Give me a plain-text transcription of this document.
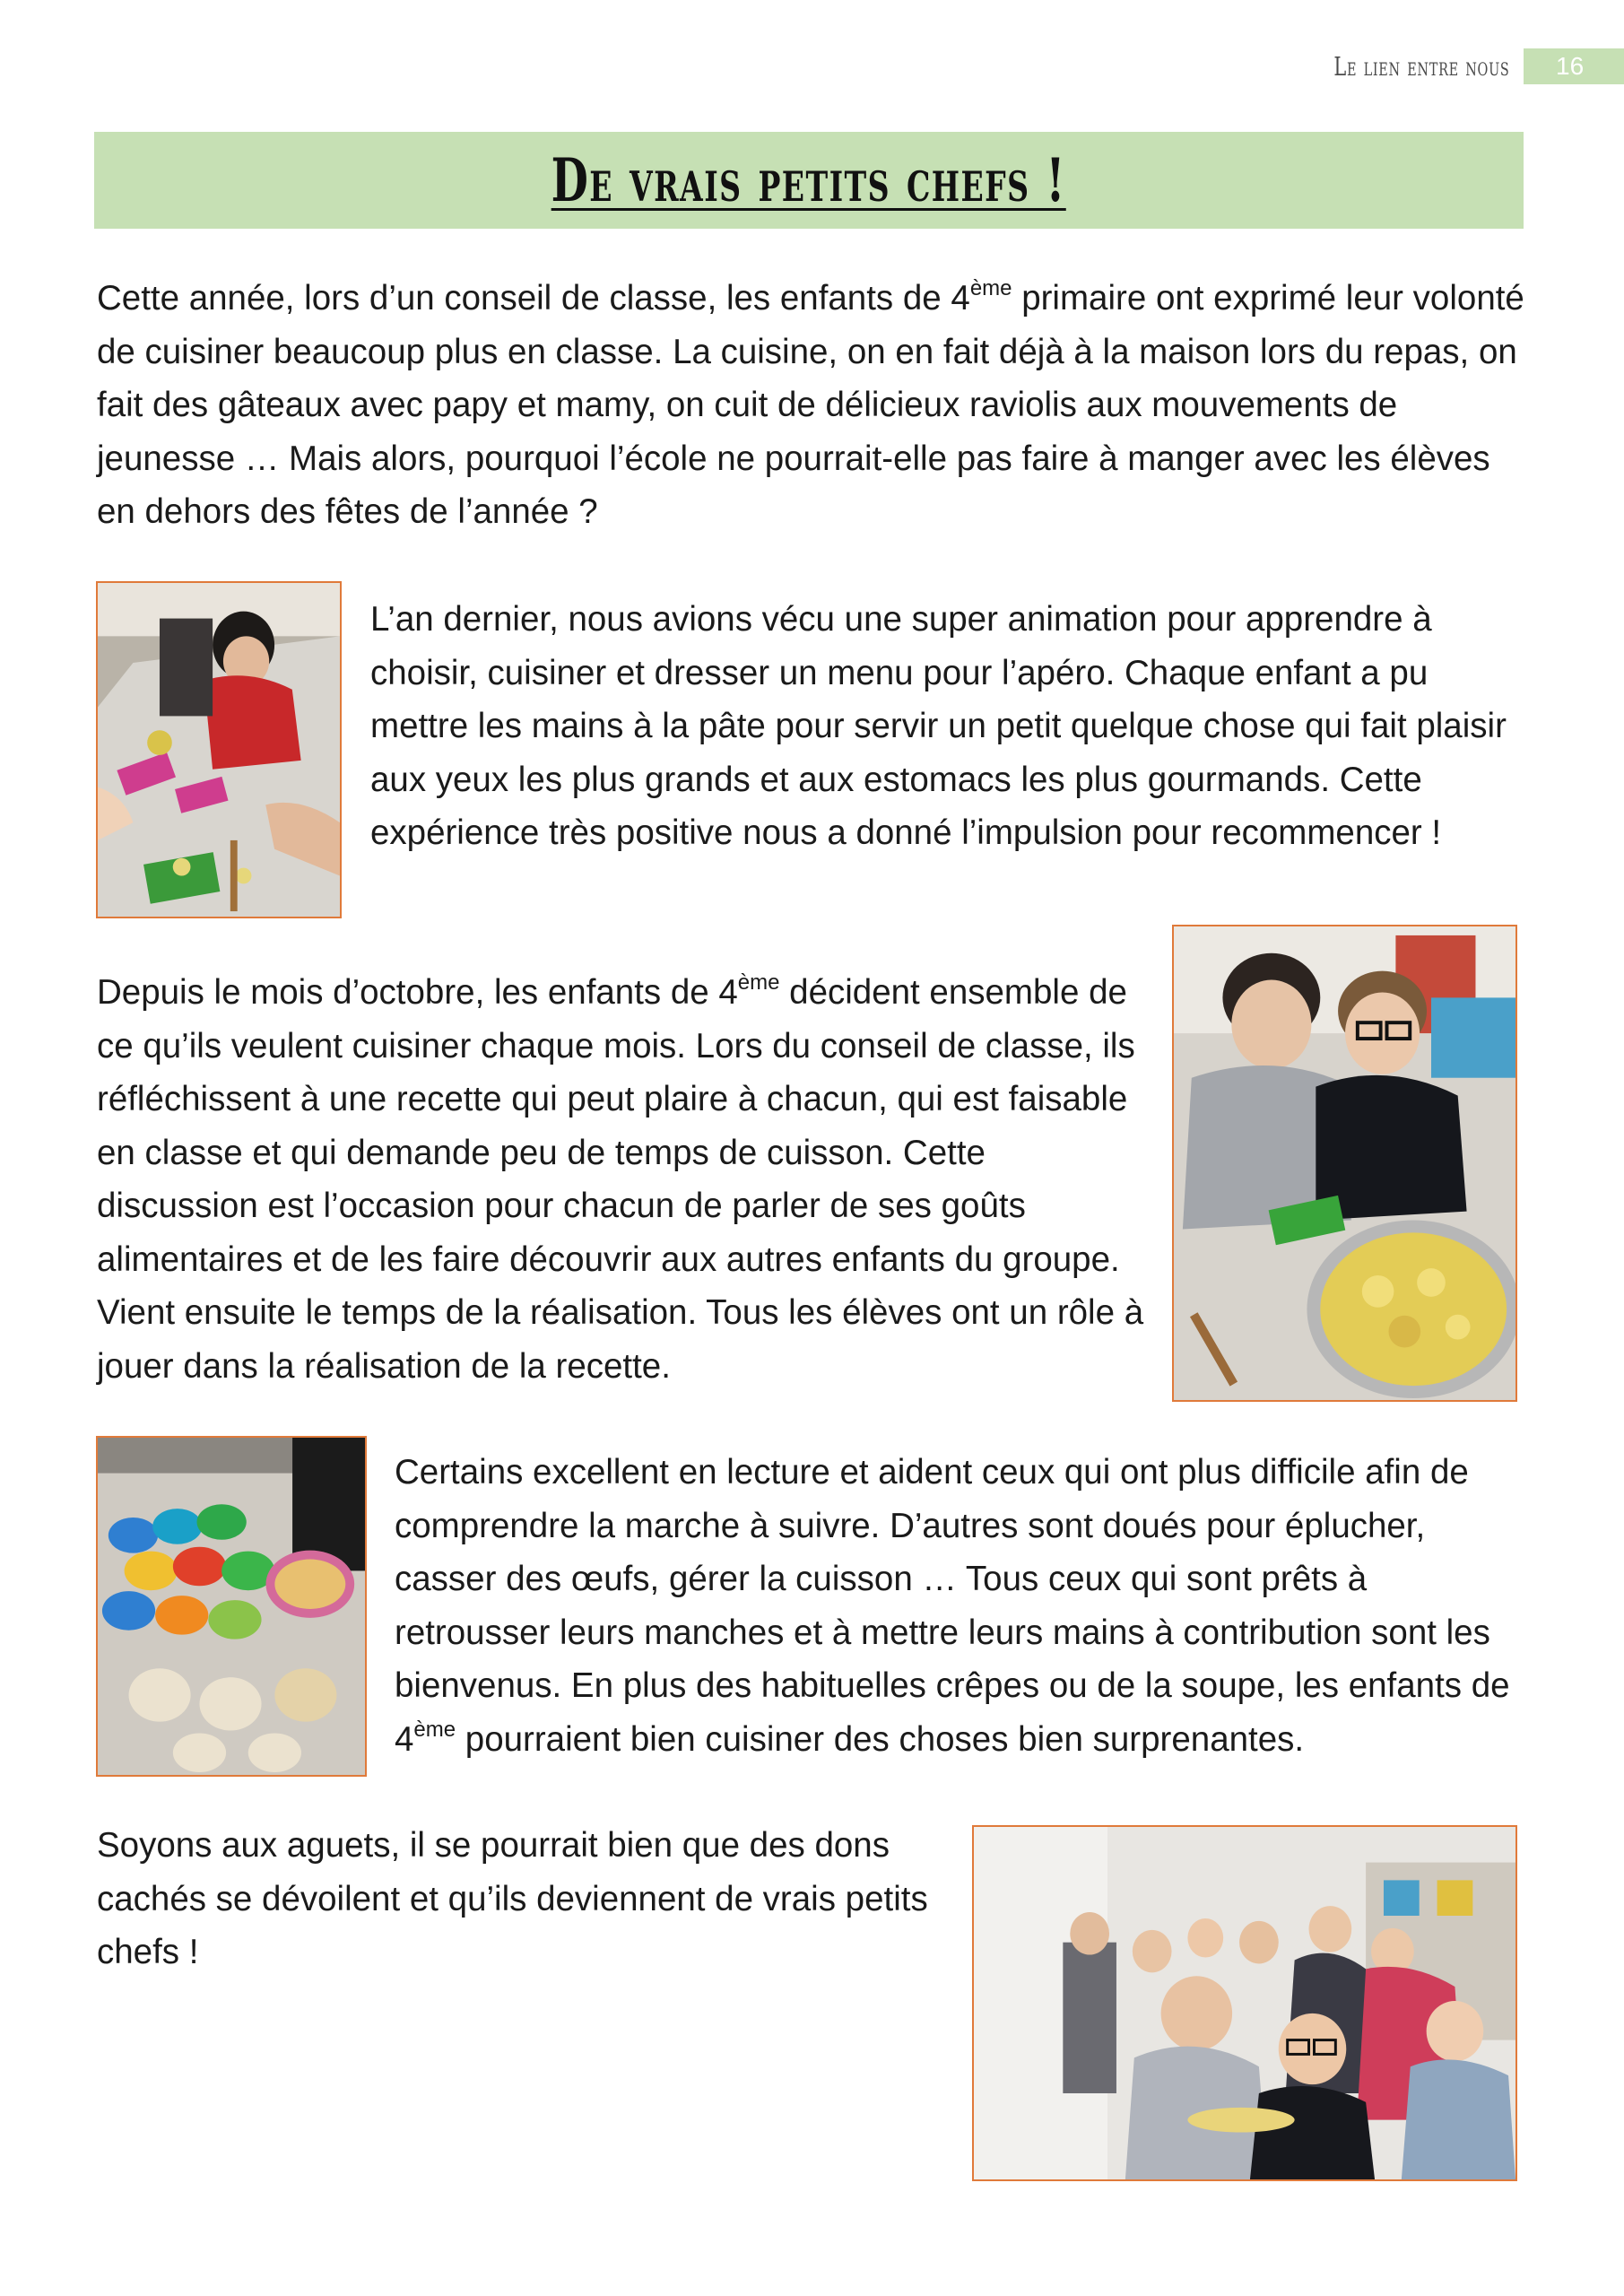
Le lien entre nous	16
De vrais petits chefs !

Cette année, lors d’un conseil de classe, les enfants de 4ème primaire ont exprimé leur volonté de cuisiner beaucoup plus en classe. La cuisine, on en fait déjà à la maison lors du repas, on fait des gâteaux avec papy et mamy, on cuit de délicieux raviolis aux mouvements de jeunesse … Mais alors, pourquoi l’école ne pourrait-elle pas faire à manger avec les élèves en dehors des fêtes de l’année ?

L’an dernier, nous avions vécu une super animation pour apprendre à choisir, cuisiner et dresser un menu pour l’apéro. Chaque enfant a pu mettre les mains à la pâte pour servir un petit quelque chose qui fait plaisir aux yeux les plus grands et aux estomacs les plus gourmands. Cette expérience très positive nous a donné l’impulsion pour recommencer !

Depuis le mois d’octobre, les enfants de 4ème décident ensemble de ce qu’ils veulent cuisiner chaque mois. Lors du conseil de classe, ils réfléchissent à une recette qui peut plaire à chacun, qui est faisable en classe et qui demande peu de temps de cuisson. Cette discussion est l’occasion pour chacun de parler de ses goûts alimentaires et de les faire découvrir aux autres enfants du groupe. Vient ensuite le temps de la réalisation. Tous les élèves ont un rôle à jouer dans la réalisation de la recette.

Certains excellent en lecture et aident ceux qui ont plus difficile afin de comprendre la marche à suivre. D’autres sont doués pour éplucher, casser des œufs, gérer la cuisson … Tous ceux qui sont prêts à retrousser leurs manches et à mettre leurs mains à contribution sont les bienvenus. En plus des habituelles crêpes ou de la soupe, les enfants de 4ème pourraient bien cuisiner des choses bien surprenantes.

Soyons aux aguets, il se pourrait bien que des dons cachés se dévoilent et qu’ils deviennent de vrais petits chefs !
